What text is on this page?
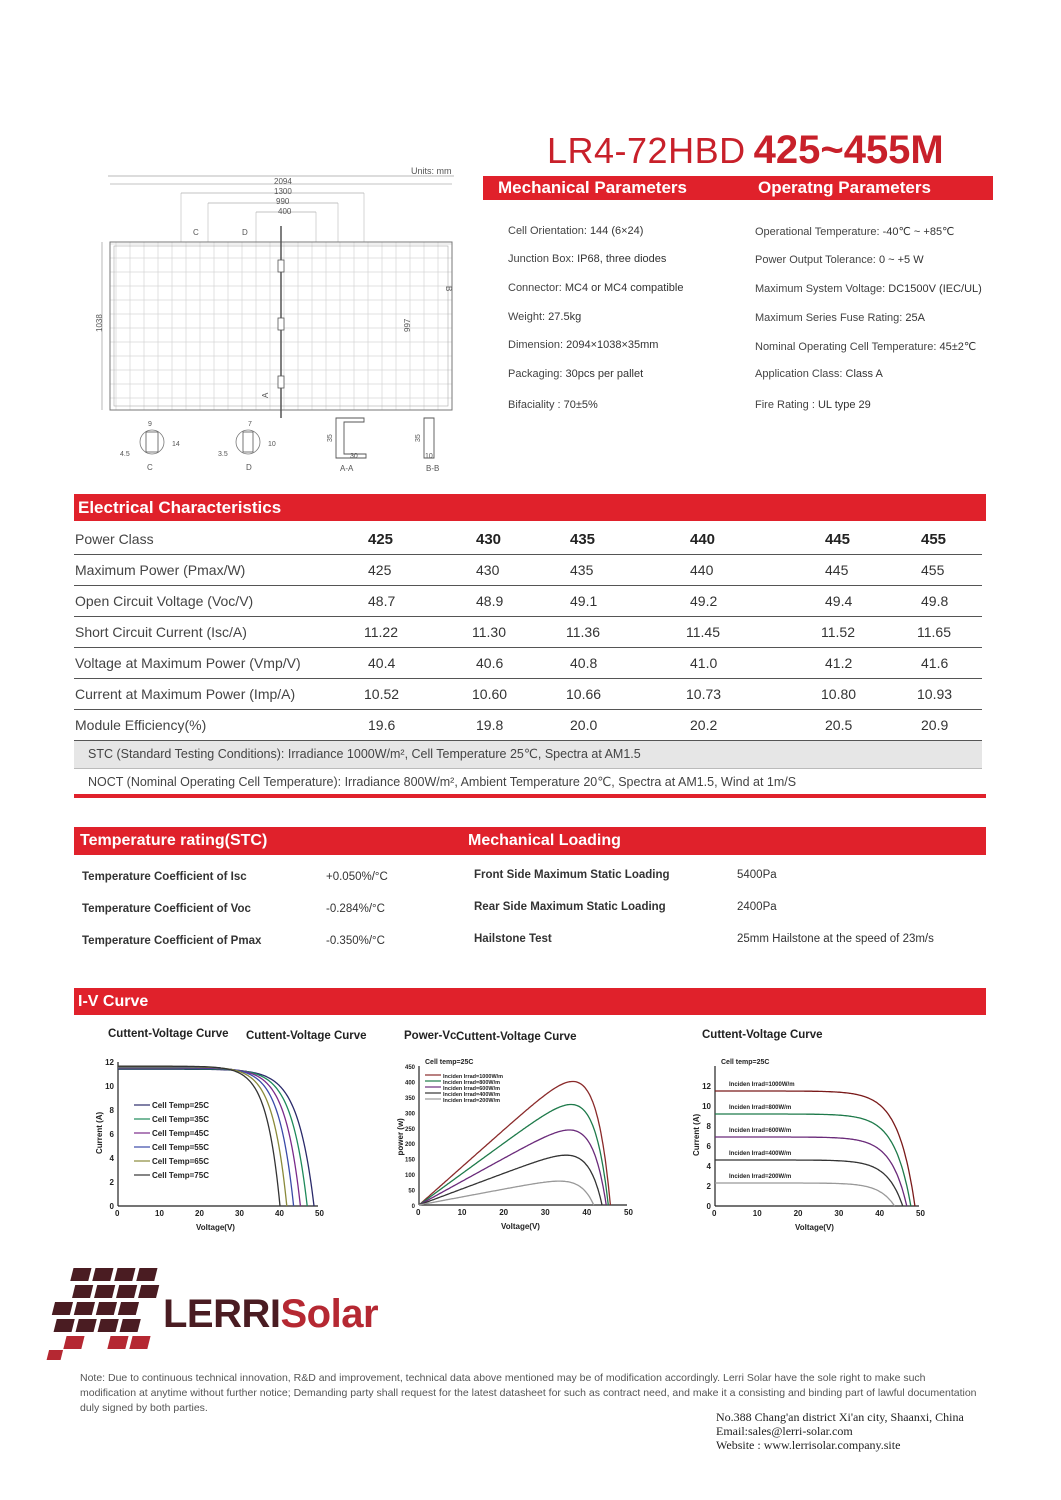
LR4-72HBD 425~455M
Units: mm
2094
1300
990
400
C	D
1038	997
B
A
9
4.5
14
C
7
3.5
10
D
35
30
A-A
35
10
B-B
Mechanical Parameters	Operatng Parameters
Cell Orientation: 144 (6×24)
Junction Box: IP68, three diodes
Connector: MC4 or MC4 compatible
Weight: 27.5kg
Dimension: 2094×1038×35mm
Packaging: 30pcs per pallet
Bifaciality : 70±5%
Operational Temperature: -40℃ ~ +85℃
Power Output Tolerance: 0 ~ +5 W
Maximum System Voltage: DC1500V (IEC/UL)
Maximum Series Fuse Rating: 25A
Nominal Operating Cell Temperature: 45±2℃
Application Class: Class A
Fire Rating : UL type 29
Electrical Characteristics
Power Class	425	430	435	440	445	455
Maximum Power (Pmax/W)	425	430	435	440	445	455
Open Circuit Voltage (Voc/V)	48.7	48.9	49.1	49.2	49.4	49.8
Short Circuit Current (Isc/A)	11.22	11.30	11.36	11.45	11.52	11.65
Voltage at Maximum Power (Vmp/V)	40.4	40.6	40.8	41.0	41.2	41.6
Current at Maximum Power (Imp/A)	10.52	10.60	10.66	10.73	10.80	10.93
Module Efficiency(%)	19.6	19.8	20.0	20.2	20.5	20.9
STC (Standard Testing Conditions): Irradiance 1000W/m², Cell Temperature 25℃, Spectra at AM1.5
NOCT (Nominal Operating Cell Temperature): Irradiance 800W/m², Ambient Temperature 20℃, Spectra at AM1.5, Wind at 1m/S
Temperature rating(STC)	Mechanical Loading
Temperature Coefficient of Isc	+0.050%/°C
Temperature Coefficient of Voc	-0.284%/°C
Temperature Coefficient of Pmax	-0.350%/°C
Front Side Maximum Static Loading	5400Pa
Rear Side Maximum Static Loading	2400Pa
Hailstone Test	25mm Hailstone at the speed of 23m/s
I-V Curve
Cuttent-Voltage Curve Cuttent-Voltage Curve	Power-Vc Cuttent-Voltage Curve	Cuttent-Voltage Curve
0	10	20	30	40	50
0
2
4
6
8
10
12
Voltage(V)
Current (A)
Cell Temp=25C
Cell Temp=35C
Cell Temp=45C
Cell Temp=55C
Cell Temp=65C
Cell Temp=75C
0	10	20	30	40	50
0
50
100
150
200
250
300
350
400
450
Voltage(V)
power (w)
Cell temp=25C
Inciden Irrad=1000W/m
Inciden Irrad=800W/m
Inciden Irrad=600W/m
Inciden Irrad=400W/m
Inciden Irrad=200W/m
0	10	20	30	40	50
0
2
4
6
8
10
12
Voltage(V)
Current (A)
Cell temp=25C
Inciden Irrad=1000W/m
Inciden Irrad=800W/m
Inciden Irrad=600W/m
Inciden Irrad=400W/m
Inciden Irrad=200W/m
LERRISolar
Note: Due to continuous technical innovation, R&D and improvement, technical data above mentioned may be of modification accordingly. Lerri Solar have the sole right to make such modification at anytime without further notice; Demanding party shall request for the latest datasheet for such as contract need, and make it a consisting and binding part of lawful documentation duly signed by both parties.
No.388 Chang'an district Xi'an city, Shaanxi, China
Email:sales@lerri-solar.com
Website : www.lerrisolar.company.site
